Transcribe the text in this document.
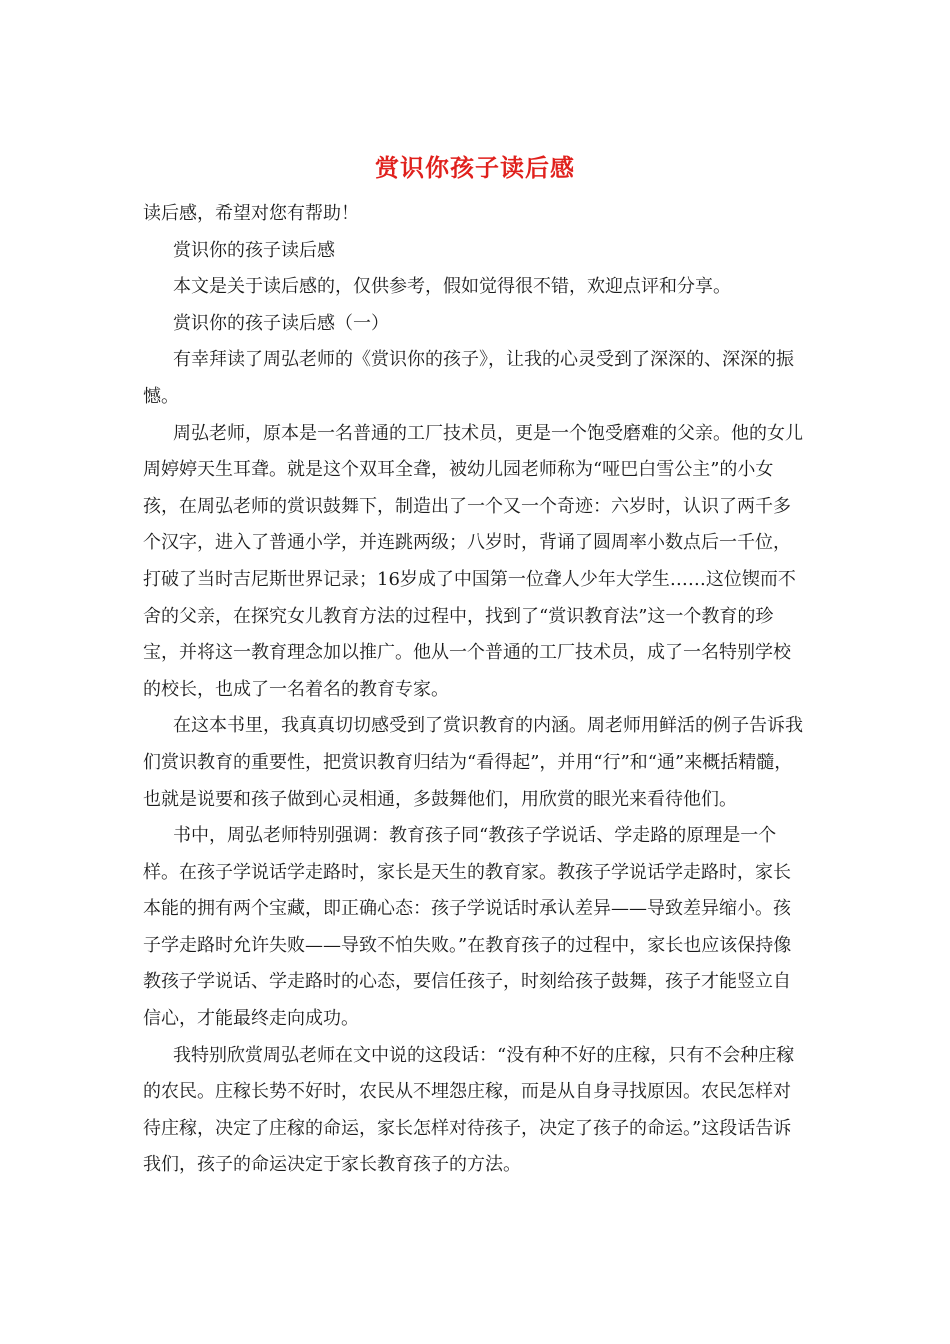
赏识你孩子读后感

读后感，希望对您有帮助！

赏识你的孩子读后感

本文是关于读后感的，仅供参考，假如觉得很不错，欢迎点评和分享。

赏识你的孩子读后感（一）

有幸拜读了周弘老师的《赏识你的孩子》，让我的心灵受到了深深的、深深的振憾。

周弘老师，原本是一名普通的工厂技术员，更是一个饱受磨难的父亲。他的女儿周婷婷天生耳聋。就是这个双耳全聋，被幼儿园老师称为“哑巴白雪公主”的小女孩，在周弘老师的赏识鼓舞下，制造出了一个又一个奇迹：六岁时，认识了两千多个汉字，进入了普通小学，并连跳两级；八岁时，背诵了圆周率小数点后一千位，打破了当时吉尼斯世界记录；16岁成了中国第一位聋人少年大学生……这位锲而不舍的父亲，在探究女儿教育方法的过程中，找到了“赏识教育法”这一个教育的珍宝，并将这一教育理念加以推广。他从一个普通的工厂技术员，成了一名特别学校的校长，也成了一名着名的教育专家。

在这本书里，我真真切切感受到了赏识教育的内涵。周老师用鲜活的例子告诉我们赏识教育的重要性，把赏识教育归结为“看得起”，并用“行”和“通”来概括精髓，也就是说要和孩子做到心灵相通，多鼓舞他们，用欣赏的眼光来看待他们。

书中，周弘老师特别强调：教育孩子同“教孩子学说话、学走路的原理是一个样。在孩子学说话学走路时，家长是天生的教育家。教孩子学说话学走路时，家长本能的拥有两个宝藏，即正确心态：孩子学说话时承认差异——导致差异缩小。孩子学走路时允许失败——导致不怕失败。”在教育孩子的过程中，家长也应该保持像教孩子学说话、学走路时的心态，要信任孩子，时刻给孩子鼓舞，孩子才能竖立自信心，才能最终走向成功。

我特别欣赏周弘老师在文中说的这段话：“没有种不好的庄稼，只有不会种庄稼的农民。庄稼长势不好时，农民从不埋怨庄稼，而是从自身寻找原因。农民怎样对待庄稼，决定了庄稼的命运，家长怎样对待孩子，决定了孩子的命运。”这段话告诉我们，孩子的命运决定于家长教育孩子的方法。
